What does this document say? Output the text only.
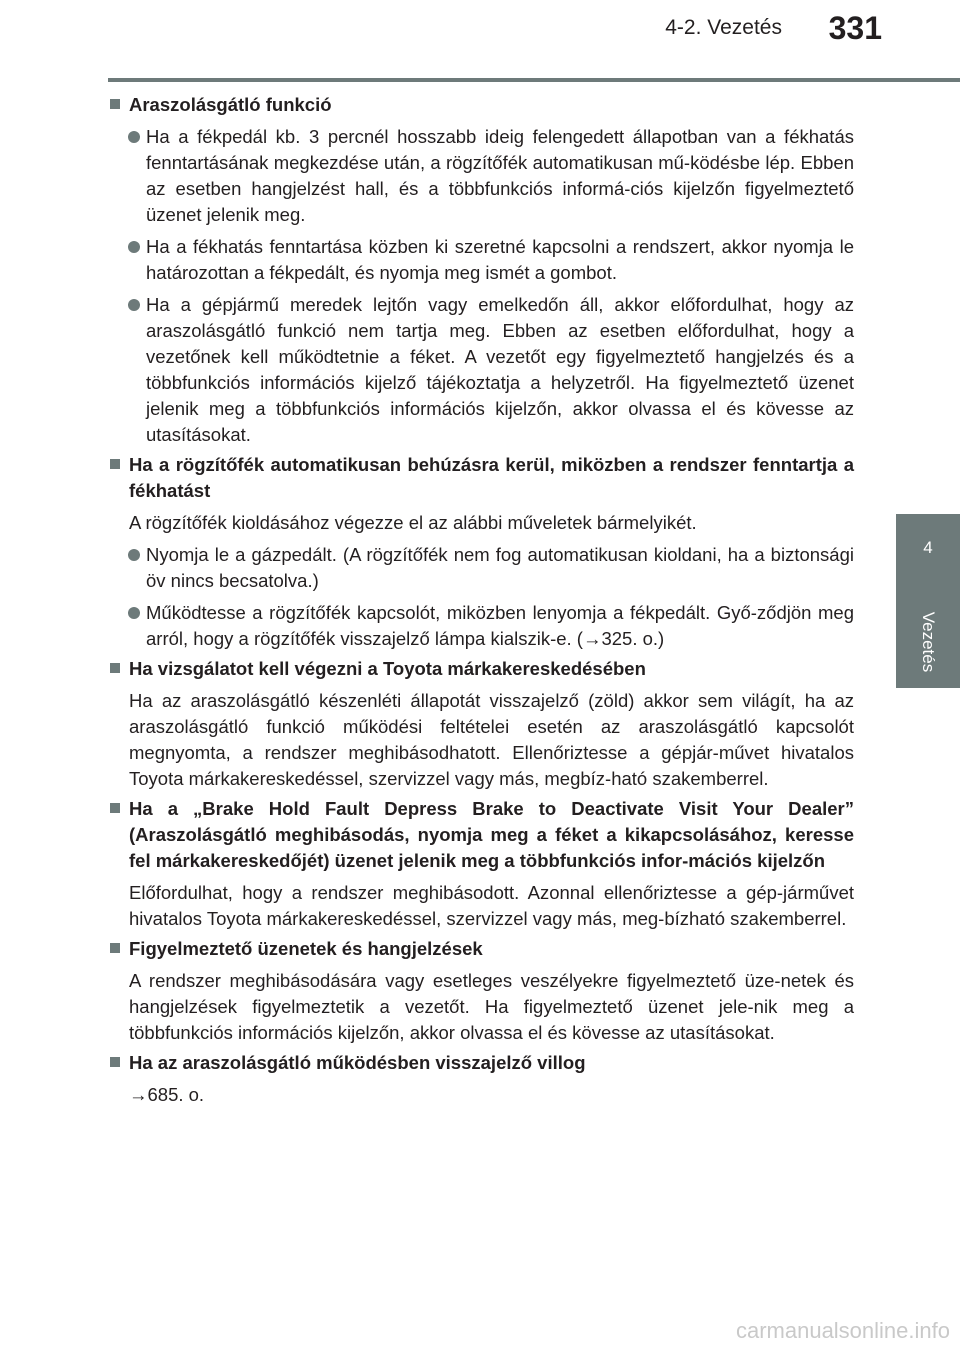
4-2. Vezetés 331
4
Vezetés
Araszolásgátló funkció
Ha a fékpedál kb. 3 percnél hosszabb ideig felengedett állapotban van a fékhatás fenntartásának megkezdése után, a rögzítőfék automatikusan mű-ködésbe lép. Ebben az esetben hangjelzést hall, és a többfunkciós informá-ciós kijelzőn figyelmeztető üzenet jelenik meg.
Ha a fékhatás fenntartása közben ki szeretné kapcsolni a rendszert, akkor nyomja le határozottan a fékpedált, és nyomja meg ismét a gombot.
Ha a gépjármű meredek lejtőn vagy emelkedőn áll, akkor előfordulhat, hogy az araszolásgátló funkció nem tartja meg. Ebben az esetben előfordulhat, hogy a vezetőnek kell működtetnie a féket. A vezetőt egy figyelmeztető hangjelzés és a többfunkciós információs kijelző tájékoztatja a helyzetről. Ha figyelmeztető üzenet jelenik meg a többfunkciós információs kijelzőn, akkor olvassa el és kövesse az utasításokat.
Ha a rögzítőfék automatikusan behúzásra kerül, miközben a rendszer fenntartja a fékhatást
A rögzítőfék kioldásához végezze el az alábbi műveletek bármelyikét.
Nyomja le a gázpedált. (A rögzítőfék nem fog automatikusan kioldani, ha a biztonsági öv nincs becsatolva.)
Működtesse a rögzítőfék kapcsolót, miközben lenyomja a fékpedált. Győ-ződjön meg arról, hogy a rögzítőfék visszajelző lámpa kialszik-e. (→325. o.)
Ha vizsgálatot kell végezni a Toyota márkakereskedésében
Ha az araszolásgátló készenléti állapotát visszajelző (zöld) akkor sem világít, ha az araszolásgátló funkció működési feltételei esetén az araszolásgátló kapcsolót megnyomta, a rendszer meghibásodhatott. Ellenőriztesse a gépjár-művet hivatalos Toyota márkakereskedéssel, szervizzel vagy más, megbíz-ható szakemberrel.
Ha a „Brake Hold Fault Depress Brake to Deactivate Visit Your Dealer” (Araszolásgátló meghibásodás, nyomja meg a féket a kikapcsolásához, keresse fel márkakereskedőjét) üzenet jelenik meg a többfunkciós infor-mációs kijelzőn
Előfordulhat, hogy a rendszer meghibásodott. Azonnal ellenőriztesse a gép-járművet hivatalos Toyota márkakereskedéssel, szervizzel vagy más, meg-bízható szakemberrel.
Figyelmeztető üzenetek és hangjelzések
A rendszer meghibásodására vagy esetleges veszélyekre figyelmeztető üze-netek és hangjelzések figyelmeztetik a vezetőt. Ha figyelmeztető üzenet jele-nik meg a többfunkciós információs kijelzőn, akkor olvassa el és kövesse az utasításokat.
Ha az araszolásgátló működésben visszajelző villog
→685. o.
carmanualsonline.info
